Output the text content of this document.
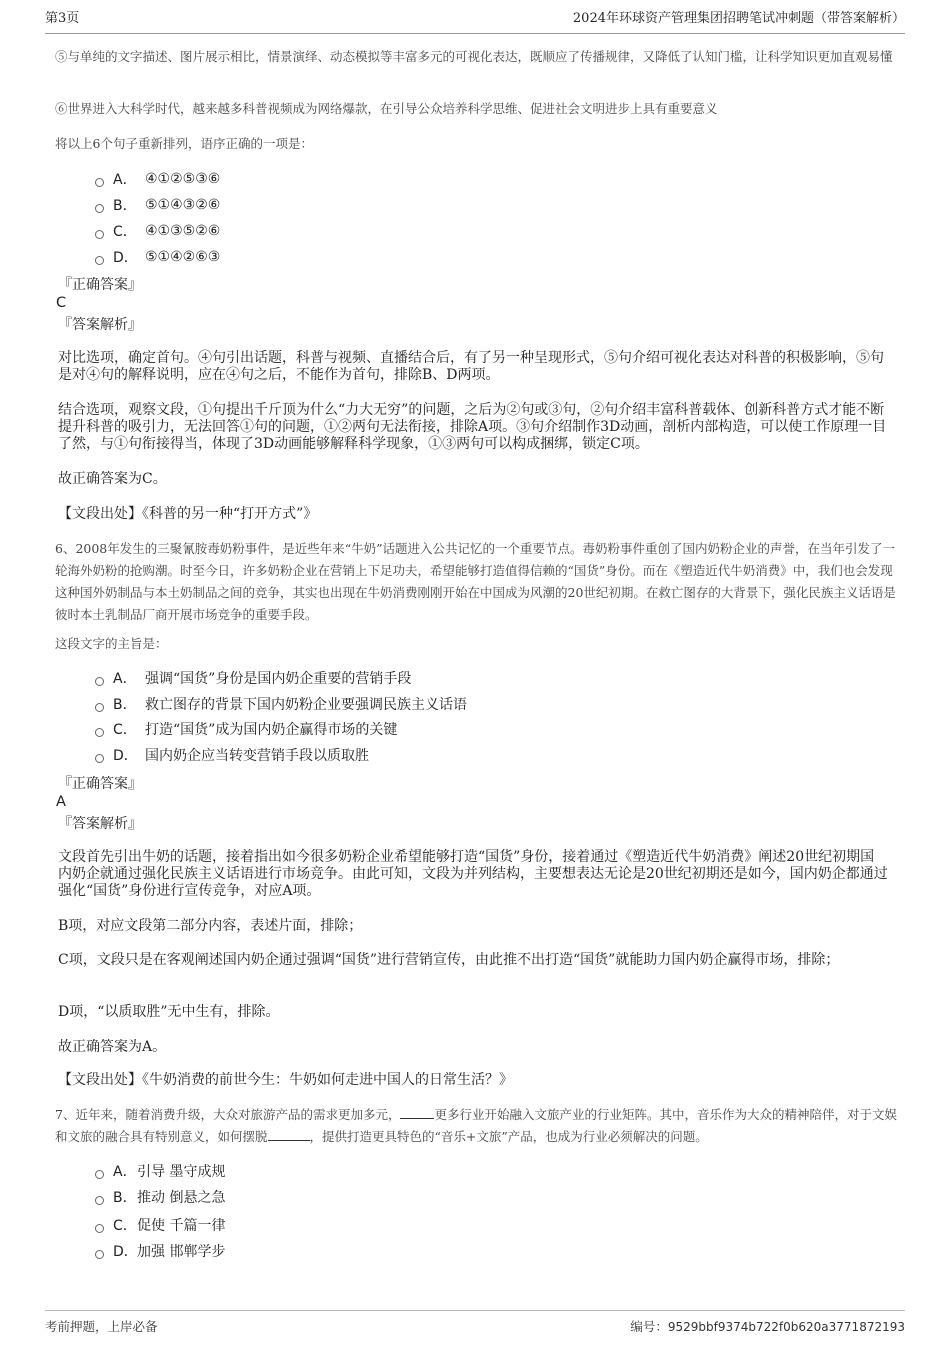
第3页	2024年环球资产管理集团招聘笔试冲刺题（带答案解析）
⑤与单纯的文字描述、图片展示相比，情景演绎、动态模拟等丰富多元的可视化表达，既顺应了传播规律，又降低了认知门槛，让科学知识更加直观易懂
⑥世界进入大科学时代，越来越多科普视频成为网络爆款，在引导公众培养科学思维、促进社会文明进步上具有重要意义
将以上6个句子重新排列，语序正确的一项是：
A． ④①②⑤③⑥
B． ⑤①④③②⑥
C． ④①③⑤②⑥
D． ⑤①④②⑥③
『正确答案』
C
『答案解析』
对比选项，确定首句。④句引出话题，科普与视频、直播结合后，有了另一种呈现形式，⑤句介绍可视化表达对科普的积极影响，⑤句是对④句的解释说明，应在④句之后，不能作为首句，排除B、D两项。
结合选项，观察文段，①句提出千斤顶为什么“力大无穷”的问题，之后为②句或③句，②句介绍丰富科普载体、创新科普方式才能不断提升科普的吸引力，无法回答①句的问题，①②两句无法衔接，排除A项。③句介绍制作3D动画，剖析内部构造，可以使工作原理一目了然，与①句衔接得当，体现了3D动画能够解释科学现象，①③两句可以构成捆绑，锁定C项。
故正确答案为C。
【文段出处】《科普的另一种“打开方式”》
6、2008年发生的三聚氰胺毒奶粉事件，是近些年来“牛奶”话题进入公共记忆的一个重要节点。毒奶粉事件重创了国内奶粉企业的声誉，在当年引发了一轮海外奶粉的抢购潮。时至今日，许多奶粉企业在营销上下足功夫，希望能够打造值得信赖的“国货”身份。而在《塑造近代牛奶消费》中，我们也会发现这种国外奶制品与本土奶制品之间的竞争，其实也出现在牛奶消费刚刚开始在中国成为风潮的20世纪初期。在救亡图存的大背景下，强化民族主义话语是彼时本土乳制品厂商开展市场竞争的重要手段。
这段文字的主旨是：
A． 强调“国货”身份是国内奶企重要的营销手段
B． 救亡图存的背景下国内奶粉企业要强调民族主义话语
C． 打造“国货”成为国内奶企赢得市场的关键
D． 国内奶企应当转变营销手段以质取胜
『正确答案』
A
『答案解析』
文段首先引出牛奶的话题，接着指出如今很多奶粉企业希望能够打造“国货”身份，接着通过《塑造近代牛奶消费》阐述20世纪初期国内奶企就通过强化民族主义话语进行市场竞争。由此可知，文段为并列结构，主要想表达无论是20世纪初期还是如今，国内奶企都通过强化“国货”身份进行宣传竞争，对应A项。
B项，对应文段第二部分内容，表述片面，排除；
C项，文段只是在客观阐述国内奶企通过强调“国货”进行营销宣传，由此推不出打造“国货”就能助力国内奶企赢得市场，排除；
D项，“以质取胜”无中生有，排除。
故正确答案为A。
【文段出处】《牛奶消费的前世今生：牛奶如何走进中国人的日常生活？》
7、近年来，随着消费升级，大众对旅游产品的需求更加多元，	更多行业开始融入文旅产业的行业矩阵。其中，音乐作为大众的精神陪伴，对于文娱和文旅的融合具有特别意义，如何摆脱	，提供打造更具特色的“音乐+文旅”产品，也成为行业必须解决的问题。
A． 引导 墨守成规
B． 推动 倒悬之急
C． 促使 千篇一律
D． 加强 邯郸学步
考前押题，上岸必备	编号：9529bbf9374b722f0b620a3771872193
